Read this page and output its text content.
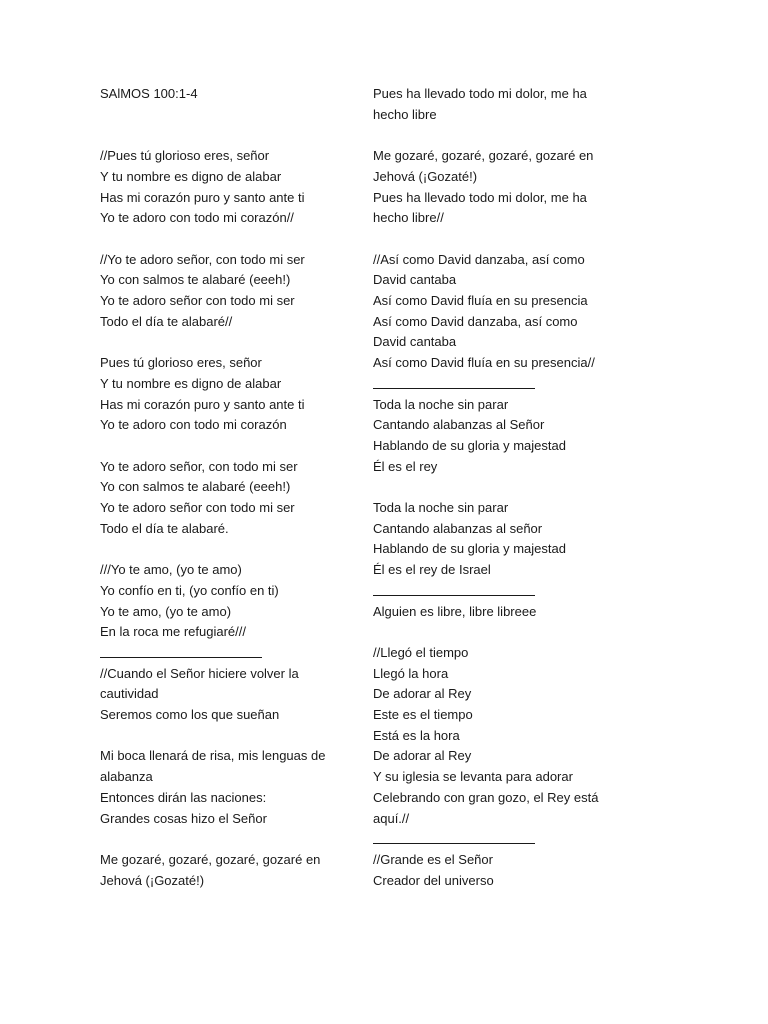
SAlMOS 100:1-4
//Pues tú glorioso eres, señor
Y tu nombre es digno de alabar
Has mi corazón puro y santo ante ti
Yo te adoro con todo mi corazón//
//Yo te adoro señor, con todo mi ser
Yo con salmos te alabaré (eeeh!)
Yo te adoro señor con todo mi ser
Todo el día te alabaré//
Pues tú glorioso eres, señor
Y tu nombre es digno de alabar
Has mi corazón puro y santo ante ti
Yo te adoro con todo mi corazón
Yo te adoro señor, con todo mi ser
Yo con salmos te alabaré (eeeh!)
Yo te adoro señor con todo mi ser
Todo el día te alabaré.
///Yo te amo, (yo te amo)
Yo confío en ti, (yo confío en ti)
Yo te amo, (yo te amo)
En la roca me refugiaré///
//Cuando el Señor hiciere volver la cautividad
Seremos como los que sueñan
Mi boca llenará de risa, mis lenguas de alabanza
Entonces dirán las naciones:
Grandes cosas hizo el Señor
Me gozaré, gozaré, gozaré, gozaré en Jehová (¡Gozaté!)
Pues ha llevado todo mi dolor, me ha hecho libre
Me gozaré, gozaré, gozaré, gozaré en Jehová (¡Gozaté!)
Pues ha llevado todo mi dolor, me ha hecho libre//
//Así como David danzaba, así como David cantaba
Así como David fluía en su presencia
Así como David danzaba, así como David cantaba
Así como David fluía en su presencia//
Toda la noche sin parar
Cantando alabanzas al Señor
Hablando de su gloria y majestad
Él es el rey
Toda la noche sin parar
Cantando alabanzas al señor
Hablando de su gloria y majestad
Él es el rey de Israel
Alguien es libre, libre libreee
//Llegó el tiempo
Llegó la hora
De adorar al Rey
Este es el tiempo
Está es la hora
De adorar al Rey
Y su iglesia se levanta para adorar
Celebrando con gran gozo, el Rey está aquí.//
//Grande es el Señor
Creador del universo
